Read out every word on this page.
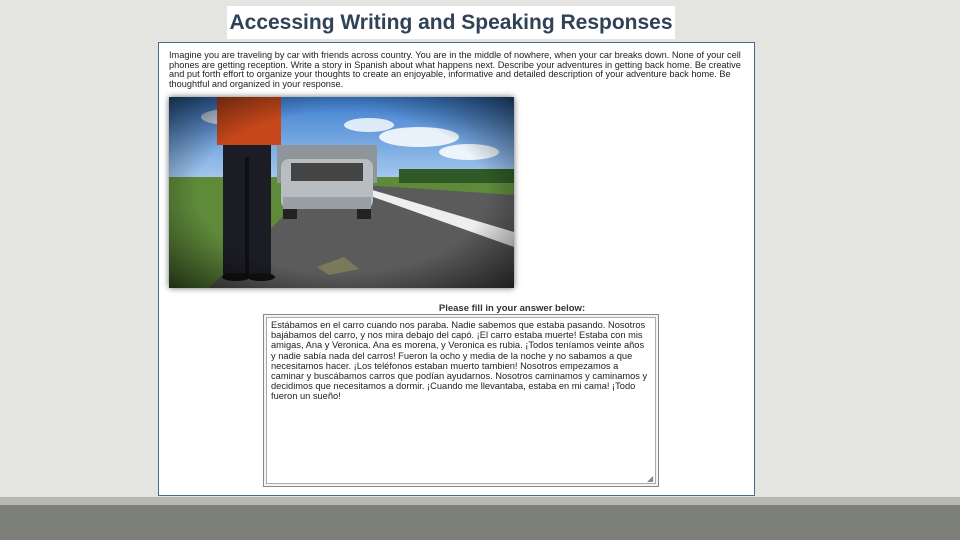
Accessing Writing and Speaking Responses

Imagine you are traveling by car with friends across country. You are in the middle of nowhere, when your car breaks down. None of your cell phones are getting reception. Write a story in Spanish about what happens next. Describe your adventures in getting back home. Be creative and put forth effort to organize your thoughts to create an enjoyable, informative and detailed description of your adventure back home. Be thoughtful and organized in your response.

Please fill in your answer below:
Estábamos en el carro cuando nos paraba. Nadie sabemos que estaba pasando. Nosotros bajábamos del carro, y nos mira debajo del capó. ¡El carro estaba muerte! Estaba con mis amigas, Ana y Veronica. Ana es morena, y Veronica es rubia. ¡Todos teníamos veinte años y nadie sabía nada del carros! Fueron la ocho y media de la noche y no sabamos a que necesitamos hacer. ¡Los teléfonos estaban muerto tambien! Nosotros empezamos a caminar y buscábamos carros que podían ayudarnos. Nosotros caminamos y caminamos y decidimos que necesitamos a dormir. ¡Cuando me llevantaba, estaba en mi cama! ¡Todo fueron un sueño!
◢
